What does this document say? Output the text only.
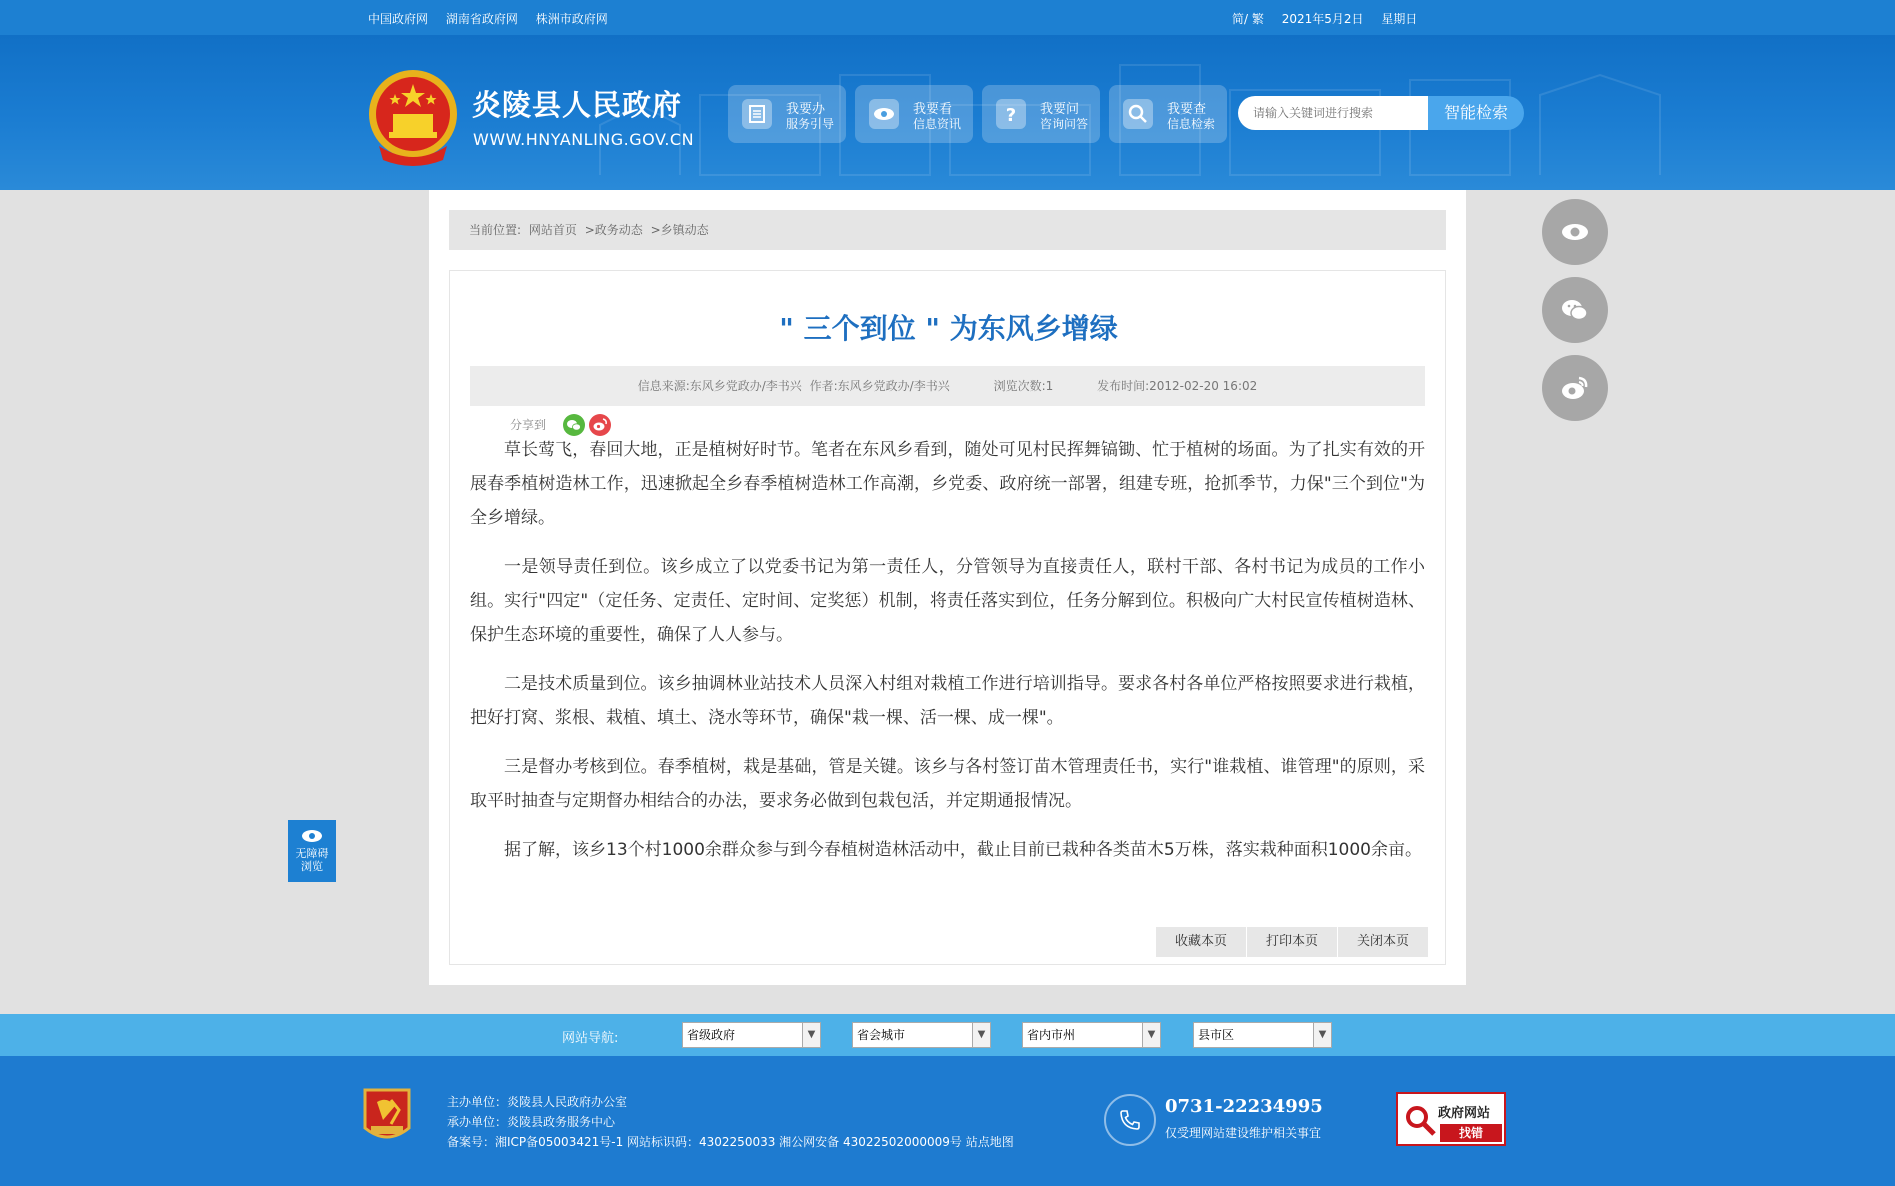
中国政府网 湖南省政府网 株洲市政府网	简/ 繁 2021年5月2日 星期日
炎陵县人民政府
WWW.HNYANLING.GOV.CN
我要办
服务引导
我要看
信息资讯 ? 我要问
咨询问答
我要查
信息检索
请输入关键词进行搜索
智能检索
当前位置: 网站首页 >政务动态 >乡镇动态
" 三个到位 " 为东风乡增绿
信息来源:东风乡党政办/李书兴 作者:东风乡党政办/李书兴	浏览次数:1	发布时间:2012-02-20 16:02
分享到

草长莺飞，春回大地，正是植树好时节。笔者在东风乡看到，随处可见村民挥舞镐锄、忙于植树的场面。为了扎实有效的开展春季植树造林工作，迅速掀起全乡春季植树造林工作高潮，乡党委、政府统一部署，组建专班，抢抓季节，力保"三个到位"为全乡增绿。

一是领导责任到位。该乡成立了以党委书记为第一责任人，分管领导为直接责任人，联村干部、各村书记为成员的工作小组。实行"四定"（定任务、定责任、定时间、定奖惩）机制，将责任落实到位，任务分解到位。积极向广大村民宣传植树造林、保护生态环境的重要性，确保了人人参与。

二是技术质量到位。该乡抽调林业站技术人员深入村组对栽植工作进行培训指导。要求各村各单位严格按照要求进行栽植，把好打窝、浆根、栽植、填土、浇水等环节，确保"栽一棵、活一棵、成一棵"。

三是督办考核到位。春季植树，栽是基础，管是关键。该乡与各村签订苗木管理责任书，实行"谁栽植、谁管理"的原则，采取平时抽查与定期督办相结合的办法，要求务必做到包栽包活，并定期通报情况。

据了解，该乡13个村1000余群众参与到今春植树造林活动中，截止目前已栽种各类苗木5万株，落实栽种面积1000余亩。

收藏本页	打印本页	关闭本页
无障碍
浏览
网站导航:	省级政府	▼	省会城市	▼	省内市州	▼	县市区	▼
主办单位：炎陵县人民政府办公室
承办单位：炎陵县政务服务中心
备案号：湘ICP备05003421号-1 网站标识码：4302250033 湘公网安备 43022502000009号 站点地图
0731-22234995
仅受理网站建设维护相关事宜
政府网站
找错
